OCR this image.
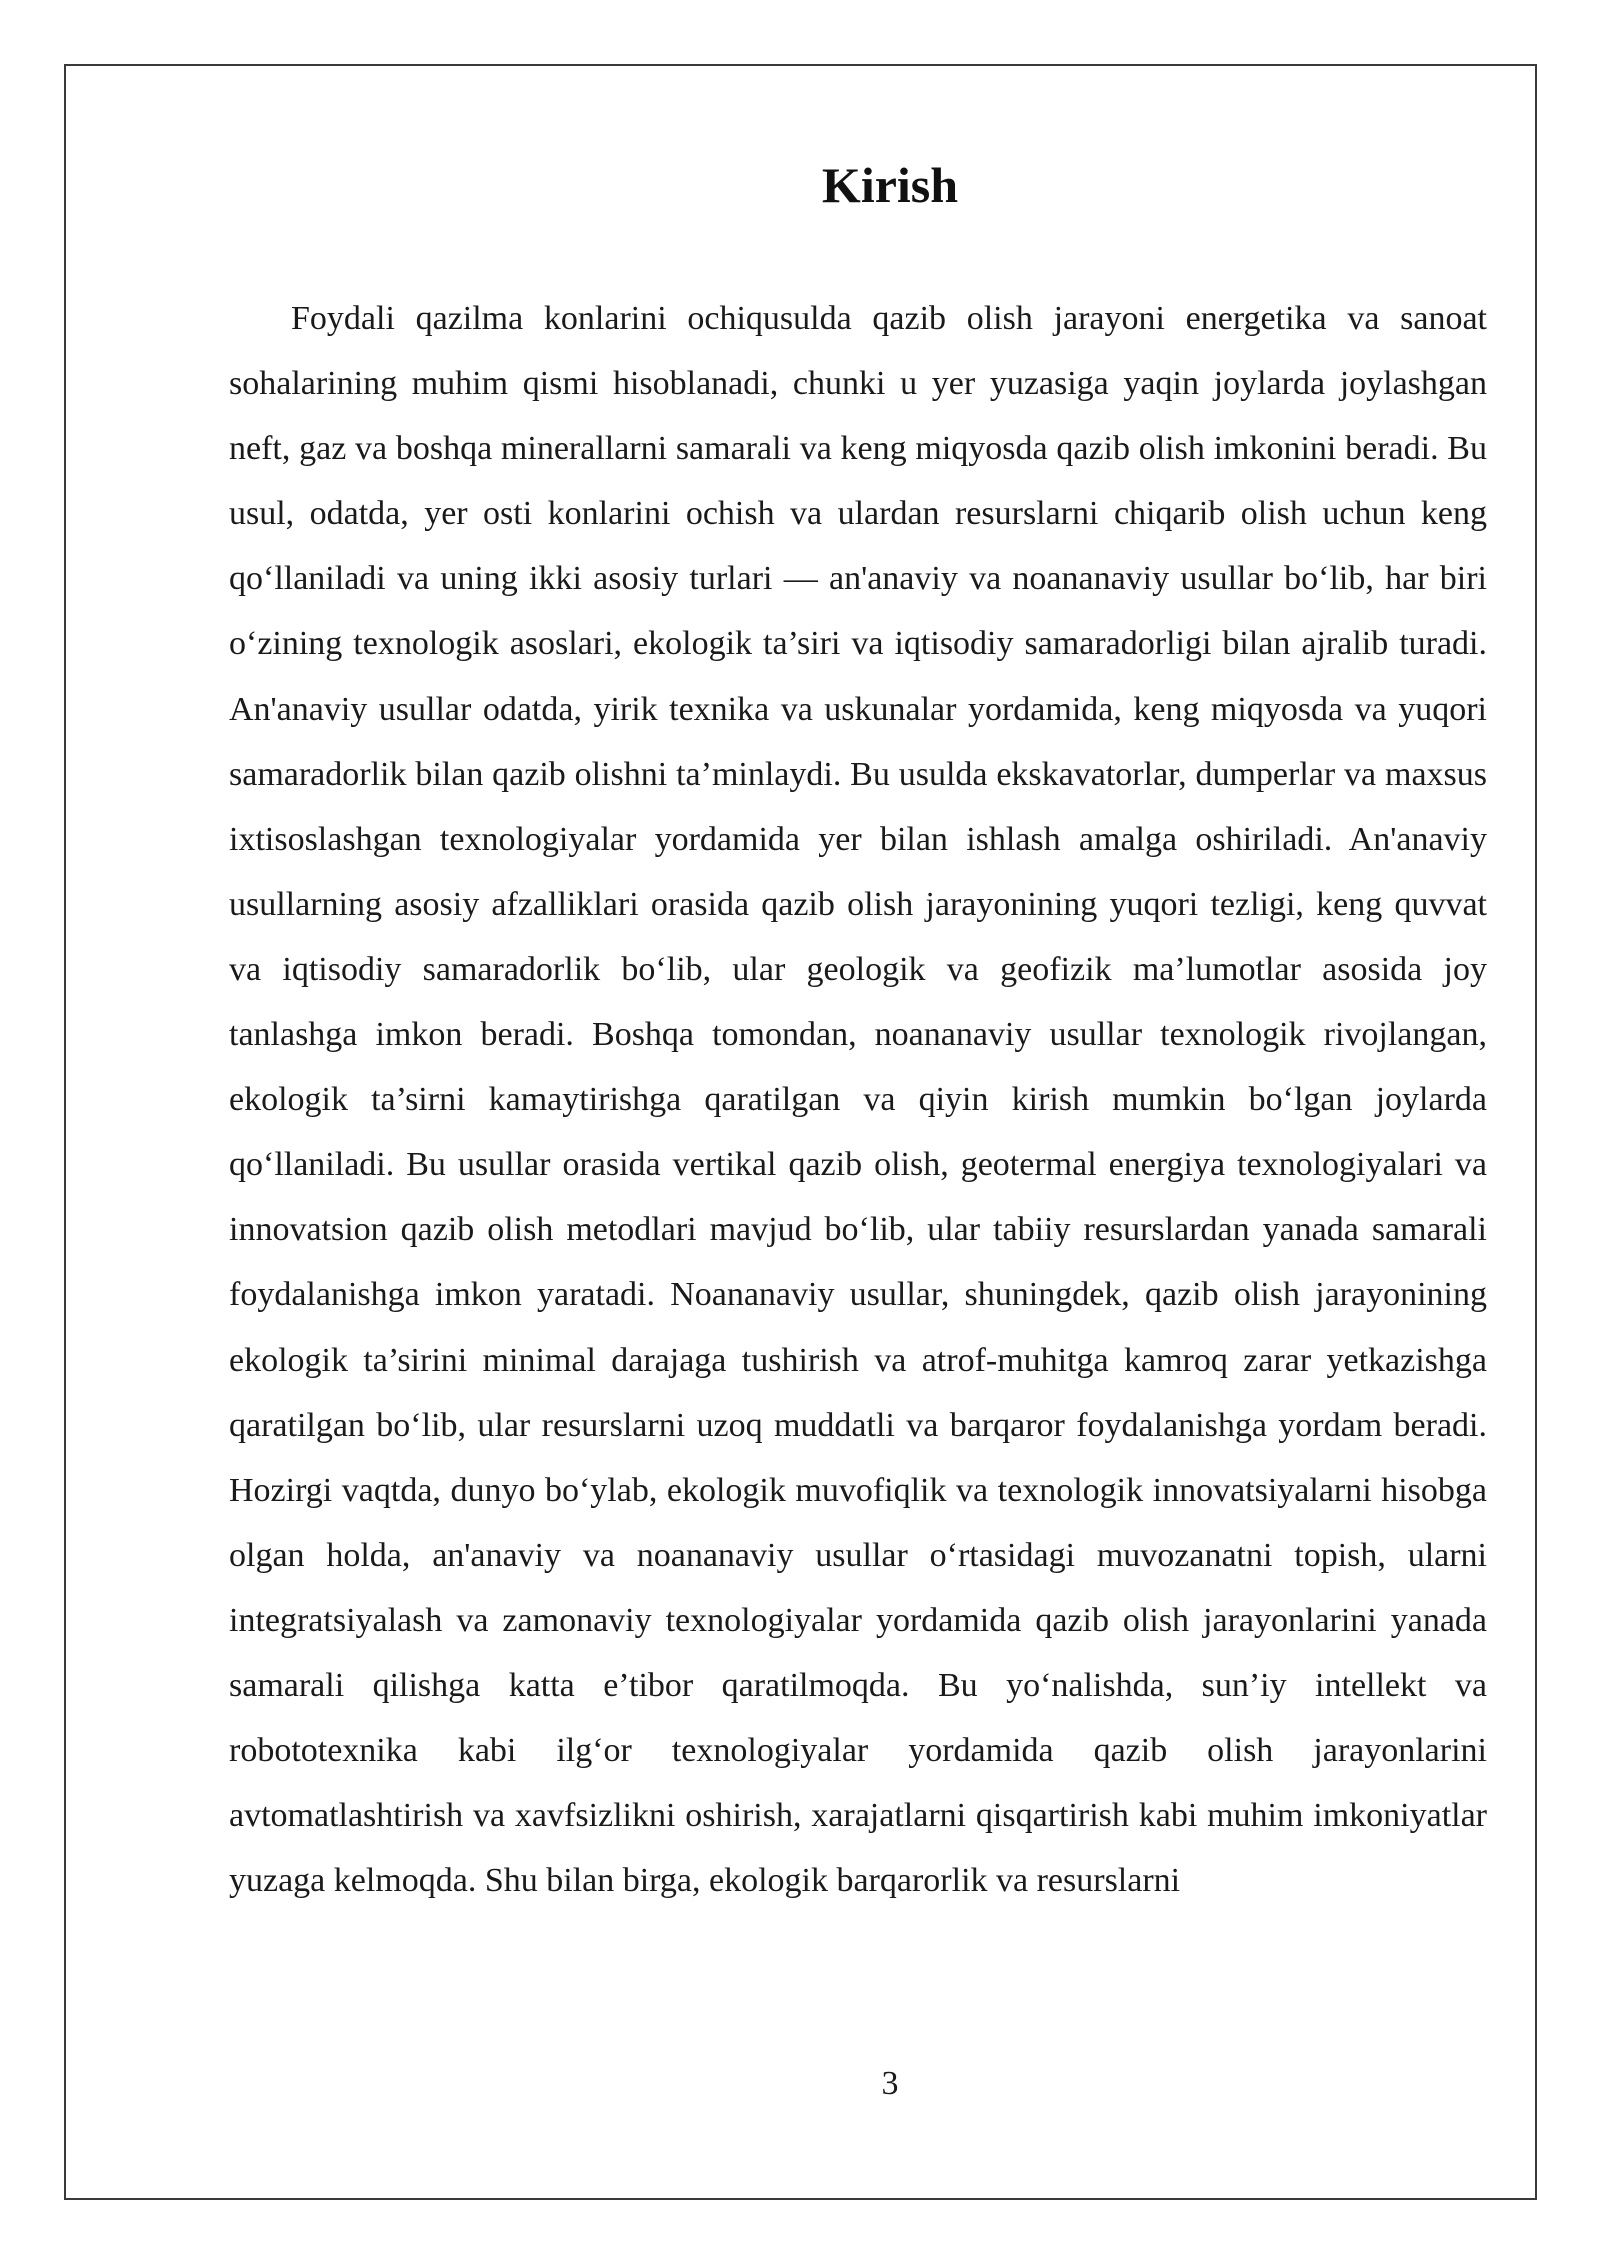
Kirish

Foydali qazilma konlarini ochiqusulda qazib olish jarayoni energetika va sanoat sohalarining muhim qismi hisoblanadi, chunki u yer yuzasiga yaqin joylarda joylashgan neft, gaz va boshqa minerallarni samarali va keng miqyosda qazib olish imkonini beradi. Bu usul, odatda, yer osti konlarini ochish va ulardan resurslarni chiqarib olish uchun keng qo‘llaniladi va uning ikki asosiy turlari — an'anaviy va noananaviy usullar bo‘lib, har biri o‘zining texnologik asoslari, ekologik ta’siri va iqtisodiy samaradorligi bilan ajralib turadi. An'anaviy usullar odatda, yirik texnika va uskunalar yordamida, keng miqyosda va yuqori samaradorlik bilan qazib olishni ta’minlaydi. Bu usulda ekskavatorlar, dumperlar va maxsus ixtisoslashgan texnologiyalar yordamida yer bilan ishlash amalga oshiriladi. An'anaviy usullarning asosiy afzalliklari orasida qazib olish jarayonining yuqori tezligi, keng quvvat va iqtisodiy samaradorlik bo‘lib, ular geologik va geofizik ma’lumotlar asosida joy tanlashga imkon beradi. Boshqa tomondan, noananaviy usullar texnologik rivojlangan, ekologik ta’sirni kamaytirishga qaratilgan va qiyin kirish mumkin bo‘lgan joylarda qo‘llaniladi. Bu usullar orasida vertikal qazib olish, geotermal energiya texnologiyalari va innovatsion qazib olish metodlari mavjud bo‘lib, ular tabiiy resurslardan yanada samarali foydalanishga imkon yaratadi. Noananaviy usullar, shuningdek, qazib olish jarayonining ekologik ta’sirini minimal darajaga tushirish va atrof-muhitga kamroq zarar yetkazishga qaratilgan bo‘lib, ular resurslarni uzoq muddatli va barqaror foydalanishga yordam beradi. Hozirgi vaqtda, dunyo bo‘ylab, ekologik muvofiqlik va texnologik innovatsiyalarni hisobga olgan holda, an'anaviy va noananaviy usullar o‘rtasidagi muvozanatni topish, ularni integratsiyalash va zamonaviy texnologiyalar yordamida qazib olish jarayonlarini yanada samarali qilishga katta e’tibor qaratilmoqda. Bu yo‘nalishda, sun’iy intellekt va robototexnika kabi ilg‘or texnologiyalar yordamida qazib olish jarayonlarini avtomatlashtirish va xavfsizlikni oshirish, xarajatlarni qisqartirish kabi muhim imkoniyatlar yuzaga kelmoqda. Shu bilan birga, ekologik barqarorlik va resurslarni

3
